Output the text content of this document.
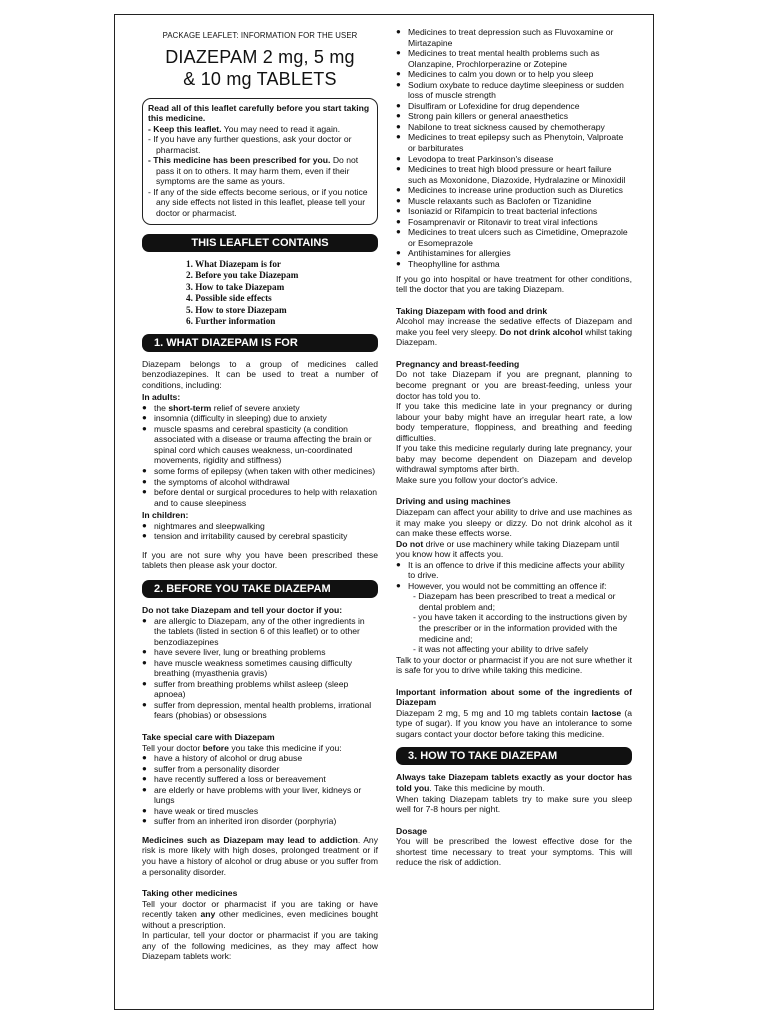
PACKAGE LEAFLET: INFORMATION FOR THE USER

DIAZEPAM 2 mg, 5 mg
& 10 mg TABLETS

Read all of this leaflet carefully before you start taking this medicine.

- Keep this leaflet. You may need to read it again.
- If you have any further questions, ask your doctor or pharmacist.
- This medicine has been prescribed for you. Do not pass it on to others. It may harm them, even if their symptoms are the same as yours.
- If any of the side effects become serious, or if you notice any side effects not listed in this leaflet, please tell your doctor or pharmacist.
THIS LEAFLET CONTAINS
1. What Diazepam is for
2. Before you take Diazepam
3. How to take Diazepam
4. Possible side effects
5. How to store Diazepam
6. Further information
1. WHAT DIAZEPAM IS FOR

Diazepam belongs to a group of medicines called benzodiazepines. It can be used to treat a number of conditions, including:

In adults:

● the short-term relief of severe anxiety
● insomnia (difficulty in sleeping) due to anxiety
● muscle spasms and cerebral spasticity (a condition associated with a disease or trauma affecting the brain or spinal cord which causes weakness, un-coordinated movements, rigidity and stiffness)
● some forms of epilepsy (when taken with other medicines)
● the symptoms of alcohol withdrawal
● before dental or surgical procedures to help with relaxation and to cause sleepiness

In children:

● nightmares and sleepwalking
● tension and irritability caused by cerebral spasticity

If you are not sure why you have been prescribed these tablets then please ask your doctor.

2. BEFORE YOU TAKE DIAZEPAM

Do not take Diazepam and tell your doctor if you:

● are allergic to Diazepam, any of the other ingredients in the tablets (listed in section 6 of this leaflet) or to other benzodiazepines
● have severe liver, lung or breathing problems
● have muscle weakness sometimes causing difficulty breathing (myasthenia gravis)
● suffer from breathing problems whilst asleep (sleep apnoea)
● suffer from depression, mental health problems, irrational fears (phobias) or obsessions

Take special care with Diazepam

Tell your doctor before you take this medicine if you:

● have a history of alcohol or drug abuse
● suffer from a personality disorder
● have recently suffered a loss or bereavement
● are elderly or have problems with your liver, kidneys or lungs
● have weak or tired muscles
● suffer from an inherited iron disorder (porphyria)

Medicines such as Diazepam may lead to addiction. Any risk is more likely with high doses, prolonged treatment or if you have a history of alcohol or drug abuse or you suffer from a personality disorder.

Taking other medicines

Tell your doctor or pharmacist if you are taking or have recently taken any other medicines, even medicines bought without a prescription.

In particular, tell your doctor or pharmacist if you are taking any of the following medicines, as they may affect how Diazepam tablets work:

● Medicines to treat depression such as Fluvoxamine or Mirtazapine
● Medicines to treat mental health problems such as Olanzapine, Prochlorperazine or Zotepine
● Medicines to calm you down or to help you sleep
● Sodium oxybate to reduce daytime sleepiness or sudden loss of muscle strength
● Disulfiram or Lofexidine for drug dependence
● Strong pain killers or general anaesthetics
● Nabilone to treat sickness caused by chemotherapy
● Medicines to treat epilepsy such as Phenytoin, Valproate or barbiturates
● Levodopa to treat Parkinson's disease
● Medicines to treat high blood pressure or heart failure such as Moxonidone, Diazoxide, Hydralazine or Minoxidil
● Medicines to increase urine production such as Diuretics
● Muscle relaxants such as Baclofen or Tizanidine
● Isoniazid or Rifampicin to treat bacterial infections
● Fosamprenavir or Ritonavir to treat viral infections
● Medicines to treat ulcers such as Cimetidine, Omeprazole or Esomeprazole
● Antihistamines for allergies
● Theophylline for asthma

If you go into hospital or have treatment for other conditions, tell the doctor that you are taking Diazepam.

Taking Diazepam with food and drink

Alcohol may increase the sedative effects of Diazepam and make you feel very sleepy. Do not drink alcohol whilst taking Diazepam.

Pregnancy and breast-feeding

Do not take Diazepam if you are pregnant, planning to become pregnant or you are breast-feeding, unless your doctor has told you to.

If you take this medicine late in your pregnancy or during labour your baby might have an irregular heart rate, a low body temperature, floppiness, and breathing and feeding difficulties.

If you take this medicine regularly during late pregnancy, your baby may become dependent on Diazepam and develop withdrawal symptoms after birth.

Make sure you follow your doctor's advice.

Driving and using machines

Diazepam can affect your ability to drive and use machines as it may make you sleepy or dizzy. Do not drink alcohol as it can make these effects worse.

Do not drive or use machinery while taking Diazepam until you know how it affects you.

● It is an offence to drive if this medicine affects your ability to drive.
● However, you would not be committing an offence if:
- Diazepam has been prescribed to treat a medical or dental problem and;
- you have taken it according to the instructions given by the prescriber or in the information provided with the medicine and;
- it was not affecting your ability to drive safely

Talk to your doctor or pharmacist if you are not sure whether it is safe for you to drive while taking this medicine.

Important information about some of the ingredients of Diazepam

Diazepam 2 mg, 5 mg and 10 mg tablets contain lactose (a type of sugar). If you know you have an intolerance to some sugars contact your doctor before taking this medicine.

3. HOW TO TAKE DIAZEPAM

Always take Diazepam tablets exactly as your doctor has told you. Take this medicine by mouth.

When taking Diazepam tablets try to make sure you sleep well for 7-8 hours per night.

Dosage

You will be prescribed the lowest effective dose for the shortest time necessary to treat your symptoms. This will reduce the risk of addiction.
